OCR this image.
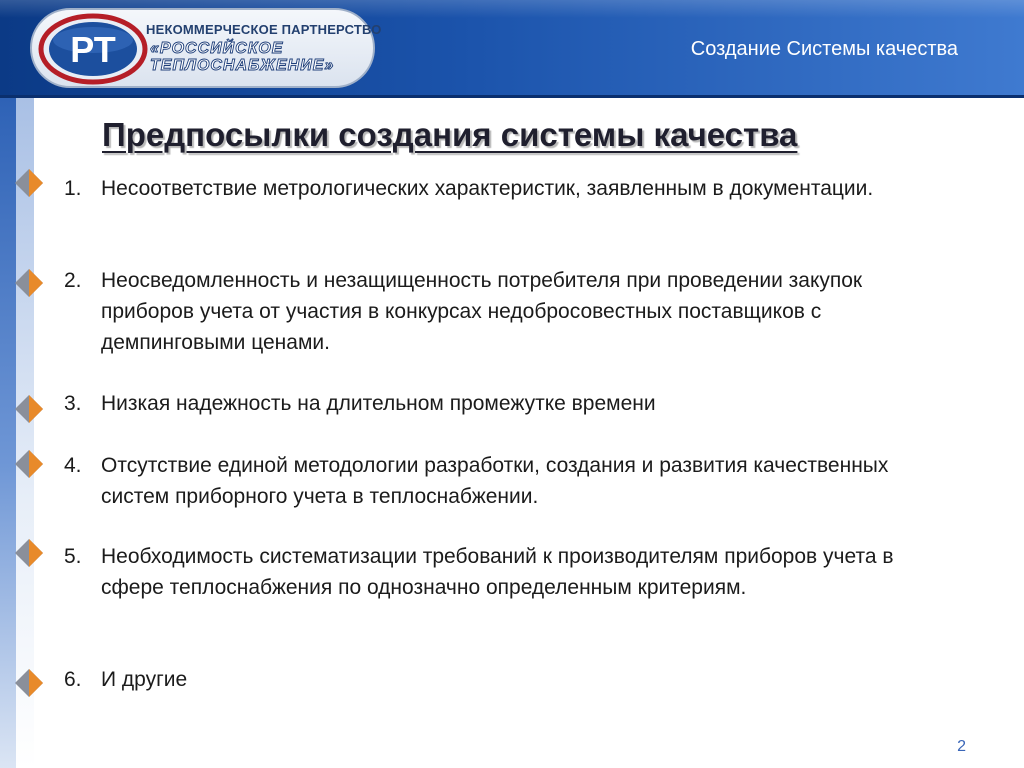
РТ НЕКОММЕРЧЕСКОЕ ПАРТНЕРСТВО
«РОССИЙСКОЕ
ТЕПЛОСНАБЖЕНИЕ»
Создание Системы качества
Предпосылки создания системы качества
1. Несоответствие метрологических характеристик, заявленным в документации.
2. Неосведомленность и незащищенность потребителя при проведении закупок приборов учета от участия в конкурсах недобросовестных поставщиков с демпинговыми ценами.
3. Низкая надежность на длительном промежутке времени
4. Отсутствие единой методологии разработки, создания и развития качественных систем приборного учета в теплоснабжении.
5. Необходимость систематизации требований к производителям приборов учета в сфере теплоснабжения по однозначно определенным критериям.
6. И другие
2
